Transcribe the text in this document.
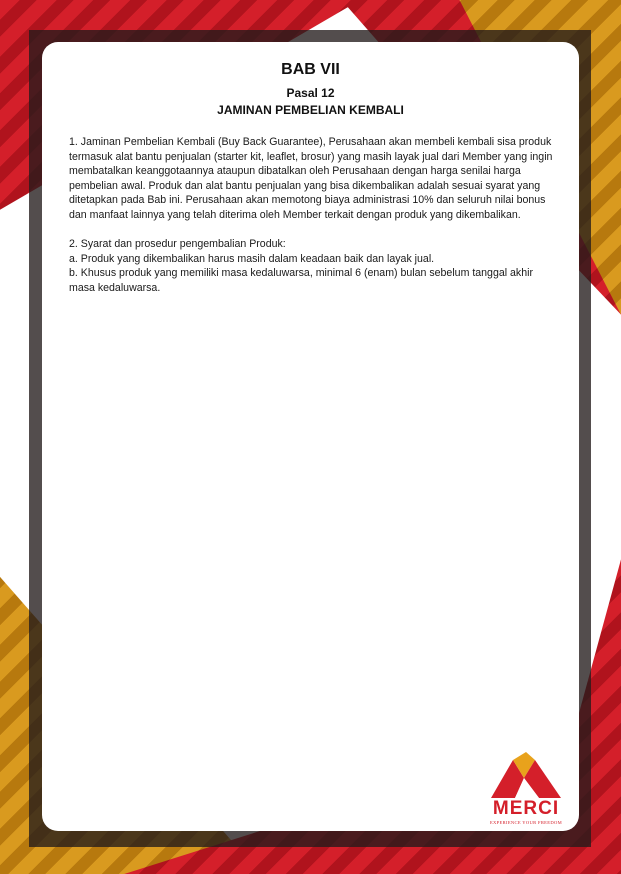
BAB VII
Pasal 12
JAMINAN PEMBELIAN KEMBALI

1. Jaminan Pembelian Kembali (Buy Back Guarantee), Perusahaan akan membeli kembali sisa produk termasuk alat bantu penjualan (starter kit, leaflet, brosur) yang masih layak jual dari Member yang ingin membatalkan keanggotaannya ataupun dibatalkan oleh Perusahaan dengan harga senilai harga pembelian awal. Produk dan alat bantu penjualan yang bisa dikembalikan adalah sesuai syarat yang ditetapkan pada Bab ini. Perusahaan akan memotong biaya administrasi 10% dan seluruh nilai bonus dan manfaat lainnya yang telah diterima oleh Member terkait dengan produk yang dikembalikan.

2. Syarat dan prosedur pengembalian Produk:

a. Produk yang dikembalikan harus masih dalam keadaan baik dan layak jual.

b. Khusus produk yang memiliki masa kedaluwarsa, minimal 6 (enam) bulan sebelum tanggal akhir masa kedaluwarsa.

MERCI
EXPERIENCE YOUR FREEDOM
